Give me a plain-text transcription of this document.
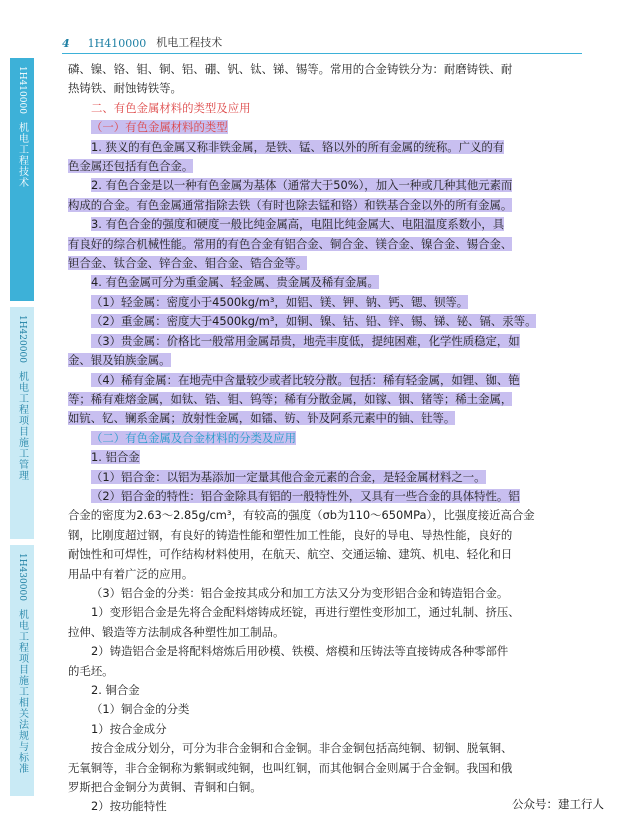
4 1H410000 机电工程技术
1H410000
机电工程技术
1H420000
机电工程项目施工管理
1H430000
机电工程项目施工相关法规与标准

磷、镍、铬、钼、铜、铝、硼、钒、钛、锑、锡等。常用的合金铸铁分为：耐磨铸铁、耐

热铸铁、耐蚀铸铁等。

二、有色金属材料的类型及应用

（一）有色金属材料的类型

1. 狭义的有色金属又称非铁金属，是铁、锰、铬以外的所有金属的统称。广义的有

色金属还包括有色合金。

2. 有色合金是以一种有色金属为基体（通常大于50%），加入一种或几种其他元素而

构成的合金。有色金属通常指除去铁（有时也除去锰和铬）和铁基合金以外的所有金属。

3. 有色合金的强度和硬度一般比纯金属高，电阻比纯金属大、电阻温度系数小，具

有良好的综合机械性能。常用的有色合金有铝合金、铜合金、镁合金、镍合金、锡合金、

钽合金、钛合金、锌合金、钼合金、锆合金等。

4. 有色金属可分为重金属、轻金属、贵金属及稀有金属。

（1）轻金属：密度小于4500kg/m³，如铝、镁、钾、钠、钙、锶、钡等。

（2）重金属：密度大于4500kg/m³，如铜、镍、钴、铅、锌、锡、锑、铋、镉、汞等。

（3）贵金属：价格比一般常用金属昂贵，地壳丰度低，提纯困难，化学性质稳定，如

金、银及铂族金属。

（4）稀有金属：在地壳中含量较少或者比较分散。包括：稀有轻金属，如锂、铷、铯

等；稀有难熔金属，如钛、锆、钼、钨等；稀有分散金属，如镓、铟、锗等；稀土金属，

如钪、钇、镧系金属；放射性金属，如镭、钫、钋及阿系元素中的铀、钍等。

（二）有色金属及合金材料的分类及应用

1. 铝合金

（1）铝合金：以铝为基添加一定量其他合金元素的合金，是轻金属材料之一。

（2）铝合金的特性：铝合金除具有铝的一般特性外，又具有一些合金的具体特性。铝

合金的密度为2.63～2.85g/cm³，有较高的强度（σb为110～650MPa），比强度接近高合金

钢，比刚度超过钢，有良好的铸造性能和塑性加工性能，良好的导电、导热性能，良好的

耐蚀性和可焊性，可作结构材料使用，在航天、航空、交通运输、建筑、机电、轻化和日

用品中有着广泛的应用。

（3）铝合金的分类：铝合金按其成分和加工方法又分为变形铝合金和铸造铝合金。

1）变形铝合金是先将合金配料熔铸成坯锭，再进行塑性变形加工，通过轧制、挤压、

拉伸、锻造等方法制成各种塑性加工制品。

2）铸造铝合金是将配料熔炼后用砂模、铁模、熔模和压铸法等直接铸成各种零部件

的毛坯。

2. 铜合金

（1）铜合金的分类

1）按合金成分

按合金成分划分，可分为非合金铜和合金铜。非合金铜包括高纯铜、韧铜、脱氧铜、

无氧铜等，非合金铜称为紫铜或纯铜，也叫红铜，而其他铜合金则属于合金铜。我国和俄

罗斯把合金铜分为黄铜、青铜和白铜。

2）按功能特性	公众号：建工行人
